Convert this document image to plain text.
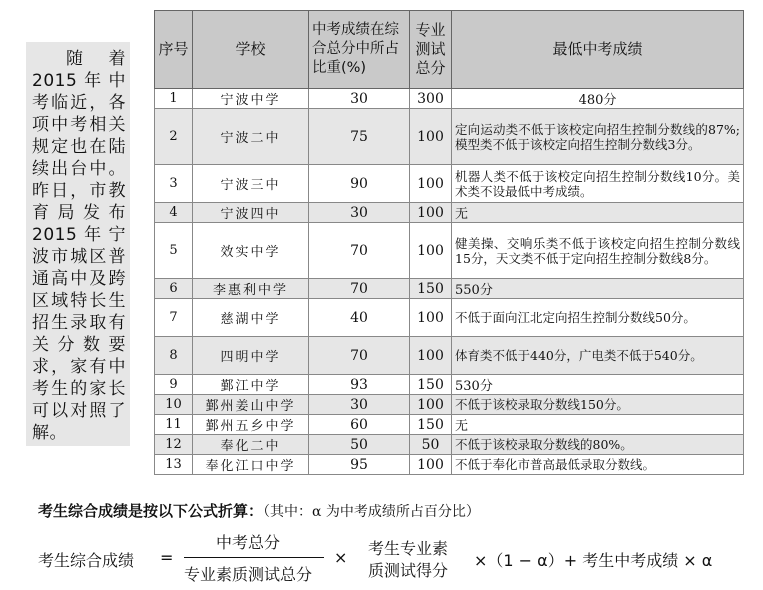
随着2015年中考临近，各项中考相关规定也在陆续出台中。昨日，市教育局发布2015年宁波市城区普通高中及跨区域特长生招生录取有关分数要求，家有中考生的家长可以对照了解。
序号	学校	中考成绩在综合总分中所占比重(%)	专业测试总分	最低中考成绩
1	宁波中学	30	300	480分
2	宁波二中	75	100	定向运动类不低于该校定向招生控制分数线的87%;模型类不低于该校定向招生控制分数线3分。
3	宁波三中	90	100	机器人类不低于该校定向招生控制分数线10分。美术类不设最低中考成绩。
4	宁波四中	30	100	无
5	效实中学	70	100	健美操、交响乐类不低于该校定向招生控制分数线15分，天文类不低于定向招生控制分数线8分。
6	李惠利中学	70	150	550分
7	慈湖中学	40	100	不低于面向江北定向招生控制分数线50分。
8	四明中学	70	100	体育类不低于440分，广电类不低于540分。
9	鄞江中学	93	150	530分
10	鄞州姜山中学	30	100	不低于该校录取分数线150分。
11	鄞州五乡中学	60	150	无
12	奉化二中	50	50	不低于该校录取分数线的80%。
13	奉化江口中学	95	100	不低于奉化市普高最低录取分数线。
考生综合成绩是按以下公式折算：（其中：α 为中考成绩所占百分比）
考生综合成绩 =
中考总分
专业素质测试总分
× 考生专业素
质测试得分
×（1 − α）+ 考生中考成绩 × α
